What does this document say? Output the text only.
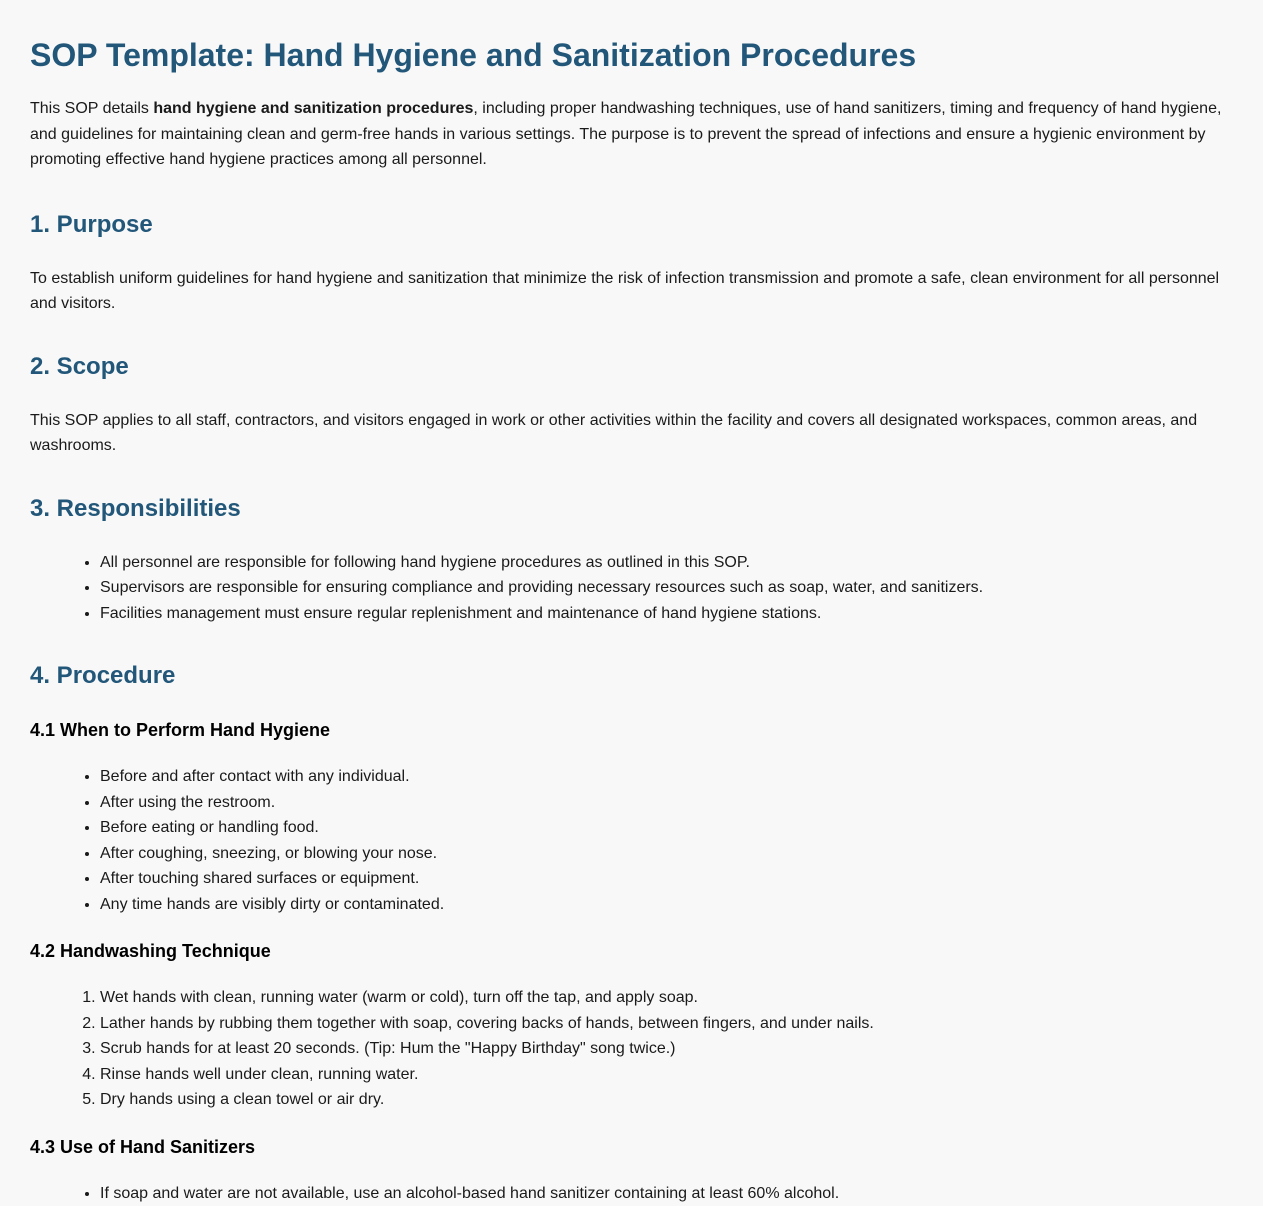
SOP Template: Hand Hygiene and Sanitization Procedures

This SOP details hand hygiene and sanitization procedures, including proper handwashing techniques, use of hand sanitizers, timing and frequency of hand hygiene, and guidelines for maintaining clean and germ-free hands in various settings. The purpose is to prevent the spread of infections and ensure a hygienic environment by promoting effective hand hygiene practices among all personnel.

1. Purpose

To establish uniform guidelines for hand hygiene and sanitization that minimize the risk of infection transmission and promote a safe, clean environment for all personnel and visitors.

2. Scope

This SOP applies to all staff, contractors, and visitors engaged in work or other activities within the facility and covers all designated workspaces, common areas, and washrooms.

3. Responsibilities
• All personnel are responsible for following hand hygiene procedures as outlined in this SOP.
• Supervisors are responsible for ensuring compliance and providing necessary resources such as soap, water, and sanitizers.
• Facilities management must ensure regular replenishment and maintenance of hand hygiene stations.
4. Procedure
4.1 When to Perform Hand Hygiene
• Before and after contact with any individual.
• After using the restroom.
• Before eating or handling food.
• After coughing, sneezing, or blowing your nose.
• After touching shared surfaces or equipment.
• Any time hands are visibly dirty or contaminated.
4.2 Handwashing Technique
1. Wet hands with clean, running water (warm or cold), turn off the tap, and apply soap.
2. Lather hands by rubbing them together with soap, covering backs of hands, between fingers, and under nails.
3. Scrub hands for at least 20 seconds. (Tip: Hum the "Happy Birthday" song twice.)
4. Rinse hands well under clean, running water.
5. Dry hands using a clean towel or air dry.
4.3 Use of Hand Sanitizers
• If soap and water are not available, use an alcohol-based hand sanitizer containing at least 60% alcohol.
